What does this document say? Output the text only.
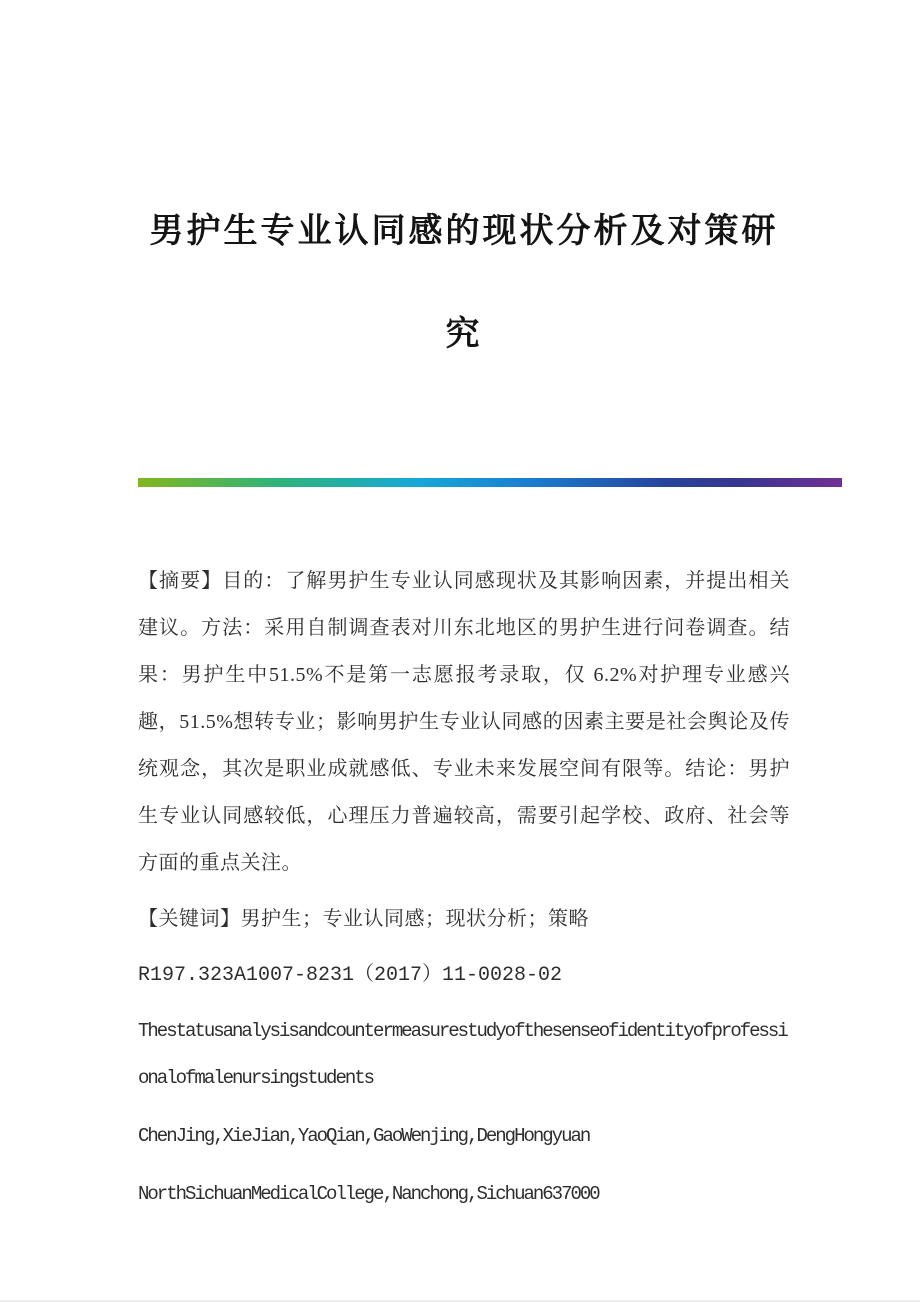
男护生专业认同感的现状分析及对策研究

【摘要】目的：了解男护生专业认同感现状及其影响因素，并提出相关建议。方法：采用自制调查表对川东北地区的男护生进行问卷调查。结果：男护生中51.5%不是第一志愿报考录取，仅 6.2%对护理专业感兴趣，51.5%想转专业；影响男护生专业认同感的因素主要是社会舆论及传统观念，其次是职业成就感低、专业未来发展空间有限等。结论：男护生专业认同感较低，心理压力普遍较高，需要引起学校、政府、社会等方面的重点关注。

【关键词】男护生；专业认同感；现状分析；策略

R197.323A1007-8231（2017）11-0028-02

Thestatusanalysisandcountermeasurestudyofthesenseofidentityofprofessionalofmalenursingstudents

ChenJing,XieJian,YaoQian,GaoWenjing,DengHongyuan

NorthSichuanMedicalCollege,Nanchong,Sichuan637000
